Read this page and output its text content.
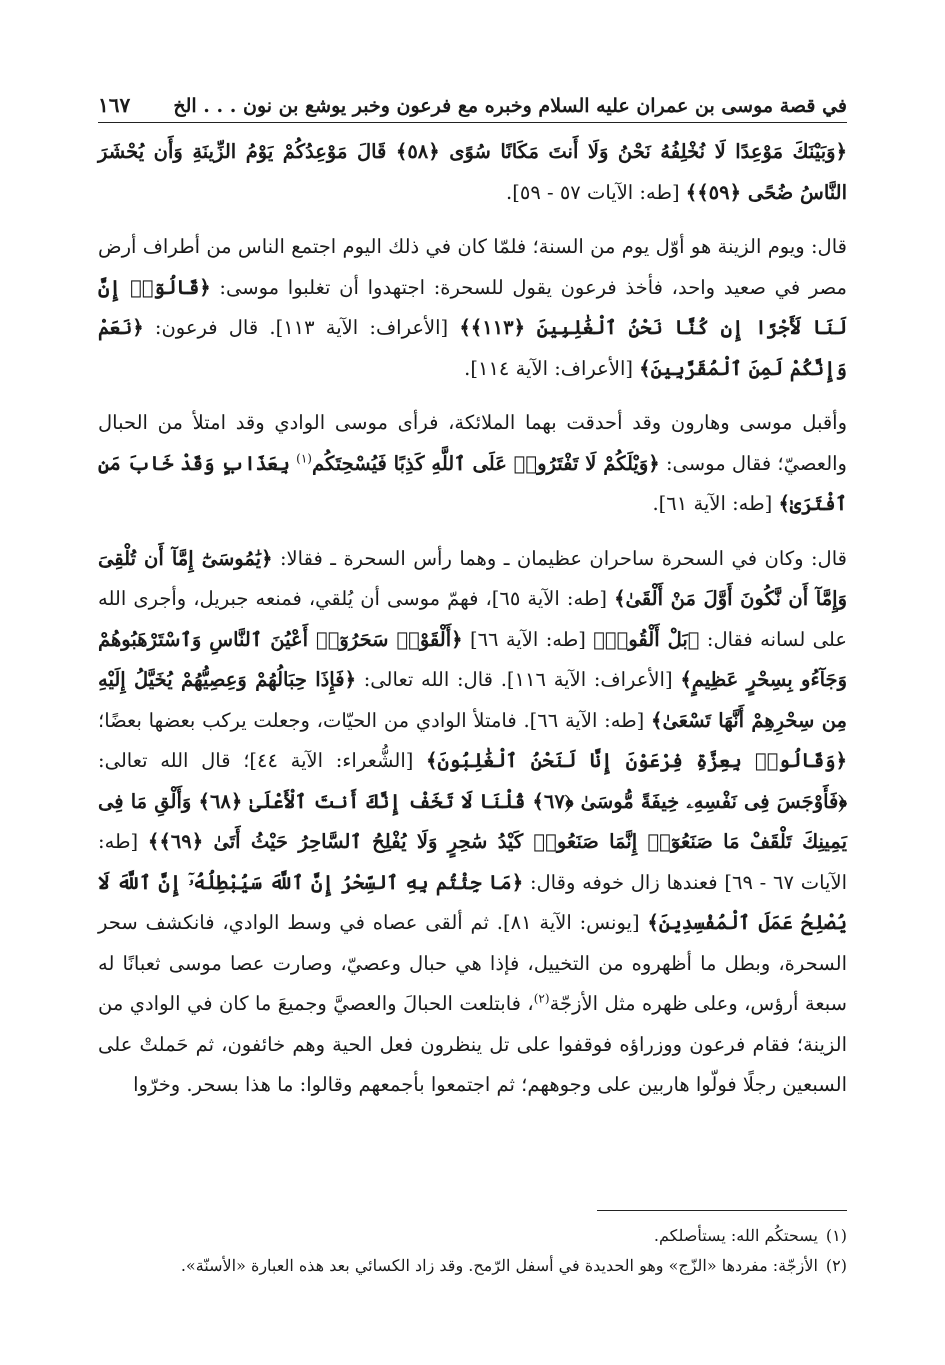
في قصة موسى بن عمران عليه السلام وخبره مع فرعون وخبر يوشع بن نون . . . الخ
١٦٧

﴿وَبَيْنَكَ مَوْعِدًا لَا نُخْلِفُهُ نَحْنُ وَلَا أَنتَ مَكَانًا سُوًى ﴿٥٨﴾ قَالَ مَوْعِدُكُمْ يَوْمُ الزِّينَةِ وَأَن يُحْشَرَ النَّاسُ ضُحًى ﴿٥٩﴾﴾ [طه: الآيات ٥٧ - ٥٩].

قال: ويوم الزينة هو أوّل يوم من السنة؛ فلمّا كان في ذلك اليوم اجتمع الناس من أطراف أرض مصر في صعيد واحد، فأخذ فرعون يقول للسحرة: اجتهدوا أن تغلبوا موسى: ﴿قَالُوٓا۟ إِنَّ لَنَا لَأَجْرًا إِن كُنَّا نَحْنُ ٱلْغَٰلِبِينَ ﴿١١٣﴾﴾ [الأعراف: الآية ١١٣]. قال فرعون: ﴿نَعَمْ وَإِنَّكُمْ لَمِنَ ٱلْمُقَرَّبِينَ﴾ [الأعراف: الآية ١١٤].

وأقبل موسى وهارون وقد أحدقت بهما الملائكة، فرأى موسى الوادي وقد امتلأ من الحبال والعصيّ؛ فقال موسى: ﴿وَيْلَكُمْ لَا تَفْتَرُوا۟ عَلَى ٱللَّهِ كَذِبًا فَيُسْحِتَكُم$^{(١)}$ بِعَذَابٍ وَقَدْ خَابَ مَنِ ٱفْتَرَىٰ﴾ [طه: الآية ٦١].

قال: وكان في السحرة ساحران عظيمان ـ وهما رأس السحرة ـ فقالا: ﴿يَٰمُوسَىٰٓ إِمَّآ أَن تُلْقِىَ وَإِمَّآ أَن نَّكُونَ أَوَّلَ مَنْ أَلْقَىٰ﴾ [طه: الآية ٦٥]، فهمّ موسى أن يُلقي، فمنعه جبريل، وأجرى الله على لسانه فقال: ﴿بَلْ أَلْقُوا۟﴾ [طه: الآية ٦٦] ﴿أَلْقَوْا۟ سَحَرُوٓا۟ أَعْيُنَ ٱلنَّاسِ وَٱسْتَرْهَبُوهُمْ وَجَآءُو بِسِحْرٍ عَظِيمٍ﴾ [الأعراف: الآية ١١٦]. قال: الله تعالى: ﴿فَإِذَا حِبَالُهُمْ وَعِصِيُّهُمْ يُخَيَّلُ إِلَيْهِ مِن سِحْرِهِمْ أَنَّهَا تَسْعَىٰ﴾ [طه: الآية ٦٦]. فامتلأ الوادي من الحيّات، وجعلت يركب بعضها بعضًا؛ ﴿وَقَالُوا۟ بِعِزَّةِ فِرْعَوْنَ إِنَّا لَنَحْنُ ٱلْغَٰلِبُونَ﴾ [الشُّعراء: الآية ٤٤]؛ قال الله تعالى: ﴿فَأَوْجَسَ فِى نَفْسِهِۦ خِيفَةً مُّوسَىٰ ﴿٦٧﴾ قُلْنَا لَا تَخَفْ إِنَّكَ أَنتَ ٱلْأَعْلَىٰ ﴿٦٨﴾ وَأَلْقِ مَا فِى يَمِينِكَ تَلْقَفْ مَا صَنَعُوٓا۟ إِنَّمَا صَنَعُوا۟ كَيْدُ سَٰحِرٍ وَلَا يُفْلِحُ ٱلسَّاحِرُ حَيْثُ أَتَىٰ ﴿٦٩﴾﴾ [طه: الآيات ٦٧ - ٦٩] فعندها زال خوفه وقال: ﴿مَا جِئْتُم بِهِ ٱلسِّحْرُ إِنَّ ٱللَّهَ سَيُبْطِلُهُۥٓ إِنَّ ٱللَّهَ لَا يُصْلِحُ عَمَلَ ٱلْمُفْسِدِينَ﴾ [يونس: الآية ٨١]. ثم ألقى عصاه في وسط الوادي، فانكشف سحر السحرة، وبطل ما أظهروه من التخييل، فإذا هي حبال وعصيّ، وصارت عصا موسى ثعبانًا له سبعة أرؤس، وعلى ظهره مثل الأزجّة$^{(٢)}$، فابتلعت الحبالَ والعصيَّ وجميعَ ما كان في الوادي من الزينة؛ فقام فرعون ووزراؤه فوقفوا على تل ينظرون فعل الحية وهم خائفون، ثم حَملتْ على السبعين رجلًا فولّوا هاربين على وجوههم؛ ثم اجتمعوا بأجمعهم وقالوا: ما هذا بسحر. وخرّوا

(١)يسحتكُم الله: يستأصلكم.

(٢)الأزجّة: مفردها «الزّج» وهو الحديدة في أسفل الرّمح. وقد زاد الكسائي بعد هذه العبارة «الأسنّة».
